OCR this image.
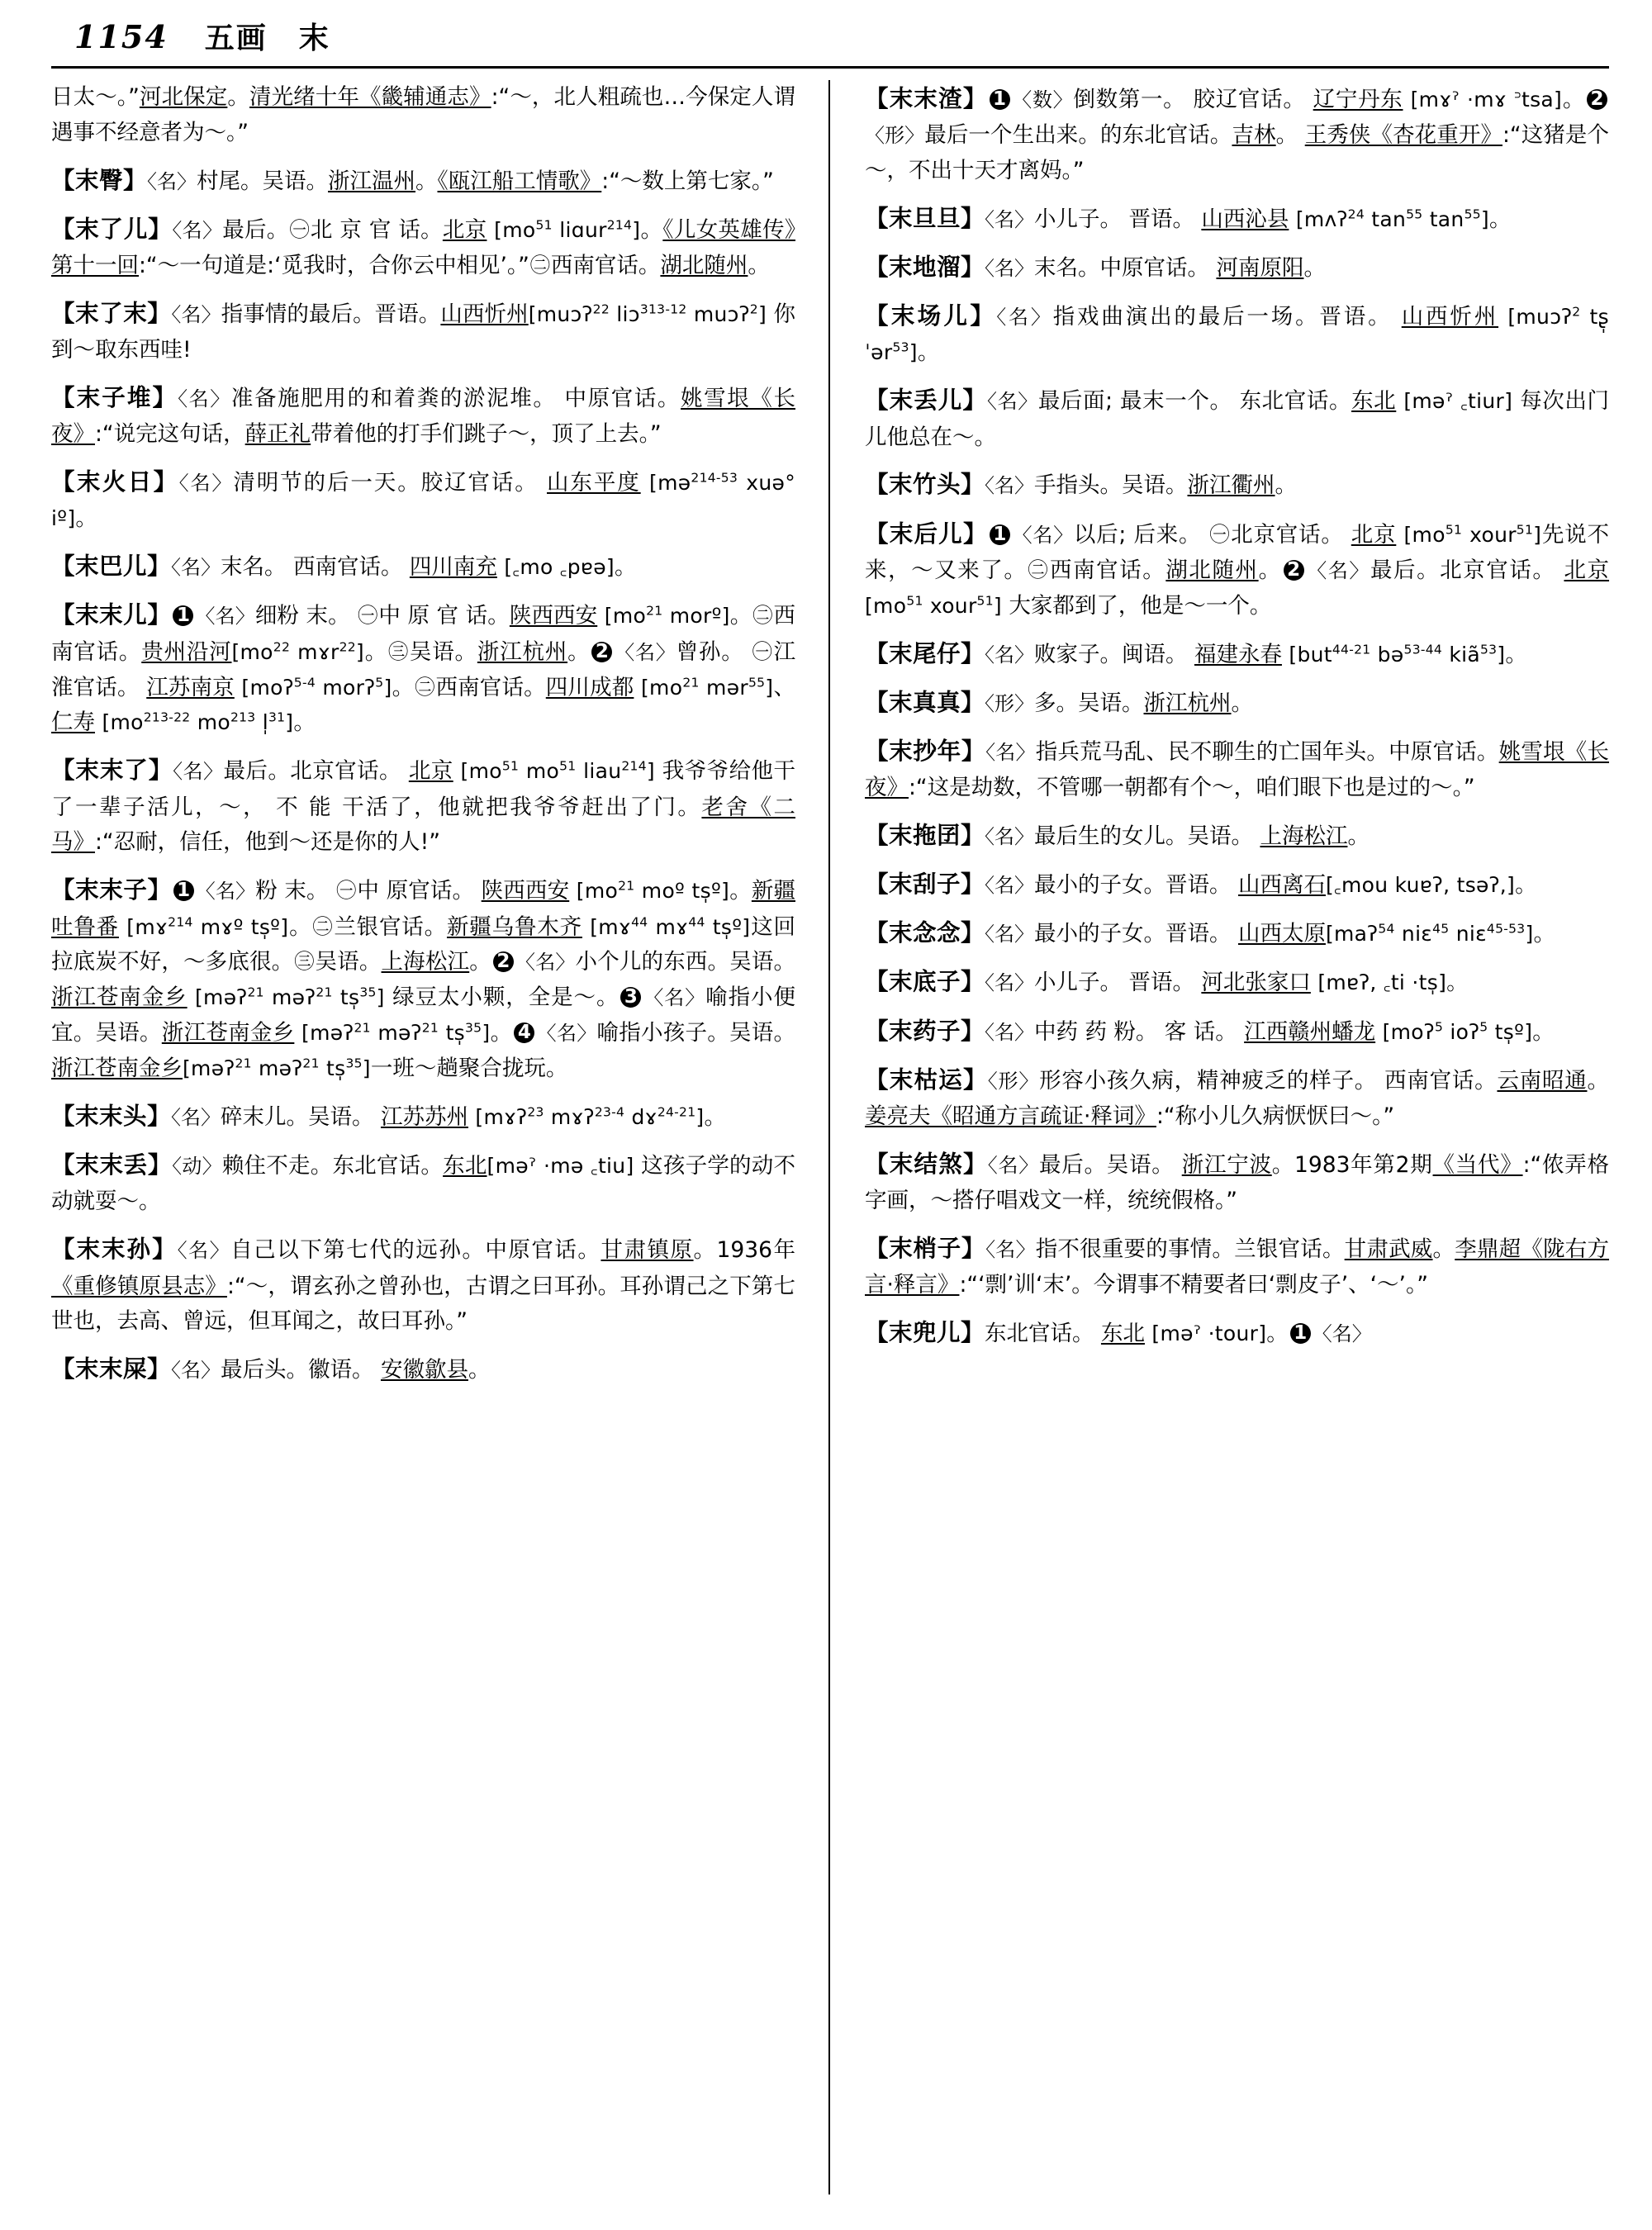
1154 五画　末
日太～。”河北保定。清光绪十年《畿辅通志》:“～，北人粗疏也…今保定人谓遇事不经意者为～。”
【末臀】〈名〉村尾。吴语。浙江温州。《瓯江船工情歌》:“～数上第七家。”
【末了儿】〈名〉最后。㊀北 京 官 话。北京 [$mo^{51}$ liɑur$^{214}$]。《儿女英雄传》第十一回:“～一句道是:‘觅我时，合你云中相见’。”㊁西南官话。湖北随州。
【末了末】〈名〉指事情的最后。晋语。山西忻州[muɔʔ$^{22}$ liɔ$^{313-12}$ muɔʔ$^2$] 你到～取东西哇!
【末子堆】〈名〉准备施肥用的和着粪的淤泥堆。 中原官话。姚雪垠《长夜》:“说完这句话，薛正礼带着他的打手们跳子～，顶了上去。”
【末火日】〈名〉清明节的后一天。胶辽官话。 山东平度 [mə$^{214-53}$ xuə° iº]。
【末巴儿】〈名〉末名。 西南官话。 四川南充 [꜀mo ꜀pɐə]。
【末末儿】 1 〈名〉细粉 末。 ㊀中 原 官 话。陕西西安 [$mo^{21}$ morº]。㊁西南官话。贵州沿河[$mo^{22}$ mɤr$^{22}$]。㊂吴语。浙江杭州。 2 〈名〉曾孙。 ㊀江淮官话。 江苏南京 [moʔ$^{5-4}$ morʔ$^5$]。㊁西南官话。四川成都 [$mo^{21}$ mər$^{55}$]、仁寿 [$mo^{213-22}$ $mo^{213}$ l̩$^{31}$]。
【末末了】〈名〉最后。北京官话。 北京 [$mo^{51}$ $mo^{51}$ liau$^{214}$] 我爷爷给他干了一辈子活儿，～， 不 能 干活了，他就把我爷爷赶出了门。老舍《二马》:“忍耐，信任，他到～还是你的人!”
【末末子】 1 〈名〉粉 末。 ㊀中 原官话。 陕西西安 [$mo^{21}$ moº ts̩º]。新疆吐鲁番 [mɤ$^{214}$ mɤº ts̩º]。㊁兰银官话。新疆乌鲁木齐 [mɤ$^{44}$ mɤ$^{44}$ ts̩º]这回拉底炭不好，～多底很。㊂吴语。上海松江。 2 〈名〉小个儿的东西。吴语。浙江苍南金乡 [məʔ$^{21}$ məʔ$^{21}$ ts̩$^{35}$] 绿豆太小颗，全是～。 3 〈名〉喻指小便宜。吴语。浙江苍南金乡 [məʔ$^{21}$ məʔ$^{21}$ ts̩$^{35}$]。 4 〈名〉喻指小孩子。吴语。浙江苍南金乡[məʔ$^{21}$ məʔ$^{21}$ ts̩$^{35}$]一班～趟聚合拢玩。
【末末头】〈名〉碎末儿。吴语。 江苏苏州 [mɤʔ$^{23}$ mɤʔ$^{23-4}$ dɤ$^{24-21}$]。
【末末丢】〈动〉赖住不走。东北官话。东北[məˀ ·mə ꜀tiu] 这孩子学的动不动就耍～。
【末末孙】〈名〉自己以下第七代的远孙。中原官话。甘肃镇原。1936年《重修镇原县志》:“～，谓玄孙之曾孙也，古谓之曰耳孙。耳孙谓己之下第七世也，去高、曾远，但耳闻之，故曰耳孙。”
【末末屎】〈名〉最后头。徽语。 安徽歙县。
【末末渣】 1 〈数〉倒数第一。 胶辽官话。 辽宁丹东 [mɤˀ ·mɤ ꜄tsa]。 2〈形〉最后一个生出来。的东北官话。吉林。 王秀侠《杏花重开》:“这猪是个～，不出十天才离妈。”
【末旦旦】〈名〉小儿子。 晋语。 山西沁县 [mʌʔ$^{24}$ $\tan^{55} \tan^{55}$]。
【末地溜】〈名〉末名。中原官话。 河南原阳。
【末场儿】〈名〉指戏曲演出的最后一场。晋语。 山西忻州 [muɔʔ$^2$ tʂ̩ˈər$^{53}$]。
【末丢儿】〈名〉最后面; 最末一个。 东北官话。东北 [məˀ ꜀tiur] 每次出门儿他总在～。
【末竹头】〈名〉手指头。吴语。浙江衢州。
【末后儿】 1 〈名〉以后; 后来。 ㊀北京官话。 北京 [$mo^{51}$ xour$^{51}$]先说不来，～又来了。㊁西南官话。湖北随州。 2 〈名〉最后。北京官话。 北京 [$mo^{51}$ xour$^{51}$] 大家都到了，他是～一个。
【末尾仔】〈名〉败家子。闽语。 福建永春 [but$^{44-21}$ bə$^{53-44}$ kiã$^{53}$]。
【末真真】〈形〉多。吴语。浙江杭州。
【末抄年】〈名〉指兵荒马乱、民不聊生的亡国年头。中原官话。姚雪垠《长夜》:“这是劫数，不管哪一朝都有个～，咱们眼下也是过的～。”
【末拖囝】〈名〉最后生的女儿。吴语。 上海松江。
【末刮子】〈名〉最小的子女。晋语。 山西离石[꜀mou kuɐʔ, tsəʔ,]。
【末念念】〈名〉最小的子女。晋语。 山西太原[maʔ$^{54}$ niɛ$^{45}$ niɛ$^{45-53}$]。
【末底子】〈名〉小儿子。 晋语。 河北张家口 [mɐʔ, ꜀ti ·ts̩]。
【末药子】〈名〉中药 药 粉。 客 话。 江西赣州蟠龙 [moʔ$^5$ ioʔ$^5$ ts̩º]。
【末枯运】〈形〉形容小孩久病，精神疲乏的样子。 西南官话。云南昭通。姜亮夫《昭通方言疏证·释词》:“称小儿久病恹恹曰～。”
【末结煞】〈名〉最后。吴语。 浙江宁波。1983年第2期《当代》:“侬弄格字画，～搭仔唱戏文一样，统统假格。”
【末梢子】〈名〉指不很重要的事情。兰银官话。甘肃武威。李鼎超《陇右方言·释言》:“‘剽’训‘末’。今谓事不精要者曰‘剽皮子’、‘～’。”
【末兜儿】东北官话。 东北 [məˀ ·tour]。 1 〈名〉
